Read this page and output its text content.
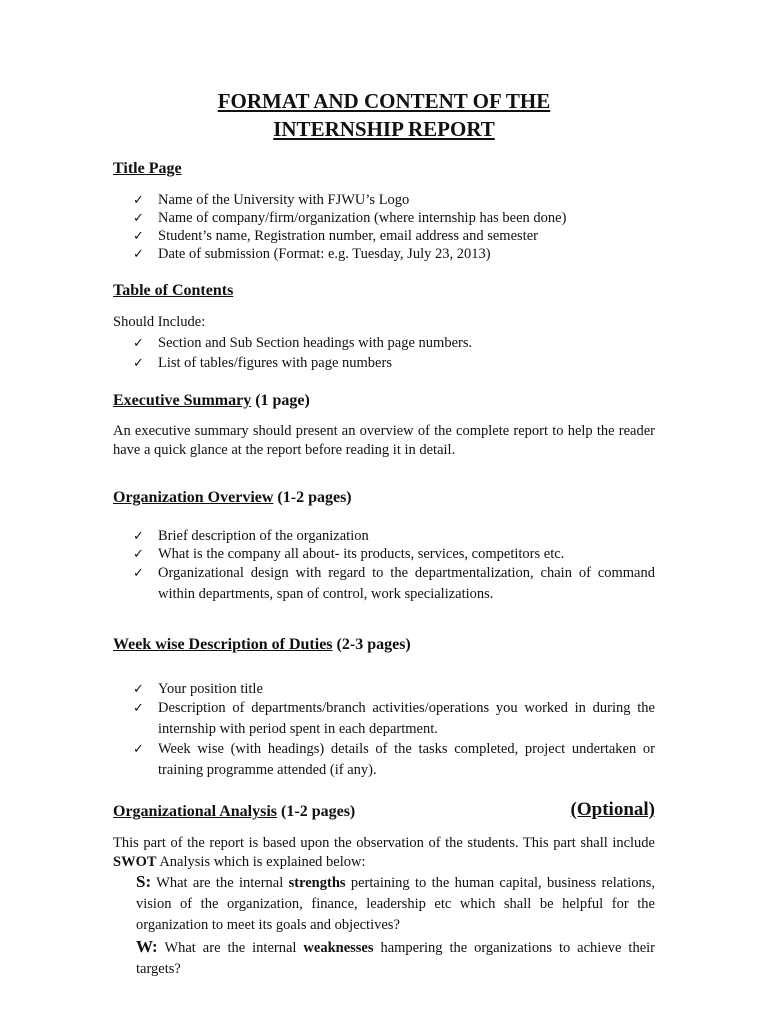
FORMAT AND CONTENT OF THE
INTERNSHIP REPORT
Title Page
✓ Name of the University with FJWU’s Logo
✓ Name of company/firm/organization (where internship has been done)
✓ Student’s name, Registration number, email address and semester
✓ Date of submission (Format: e.g. Tuesday, July 23, 2013)
Table of Contents
Should Include:
✓ Section and Sub Section headings with page numbers.
✓ List of tables/figures with page numbers
Executive Summary (1 page)
An executive summary should present an overview of the complete report to help the reader have a quick glance at the report before reading it in detail.
Organization Overview (1-2 pages)
✓ Brief description of the organization
✓ What is the company all about- its products, services, competitors etc.
✓ Organizational design with regard to the departmentalization, chain of command within departments, span of control, work specializations.
Week wise Description of Duties (2-3 pages)
✓ Your position title
✓ Description of departments/branch activities/operations you worked in during the internship with period spent in each department.
✓ Week wise (with headings) details of the tasks completed, project undertaken or training programme attended (if any).
Organizational Analysis (1-2 pages)	(Optional)
This part of the report is based upon the observation of the students. This part shall include SWOT Analysis which is explained below:
S: What are the internal strengths pertaining to the human capital, business relations, vision of the organization, finance, leadership etc which shall be helpful for the organization to meet its goals and objectives?
W: What are the internal weaknesses hampering the organizations to achieve their targets?
